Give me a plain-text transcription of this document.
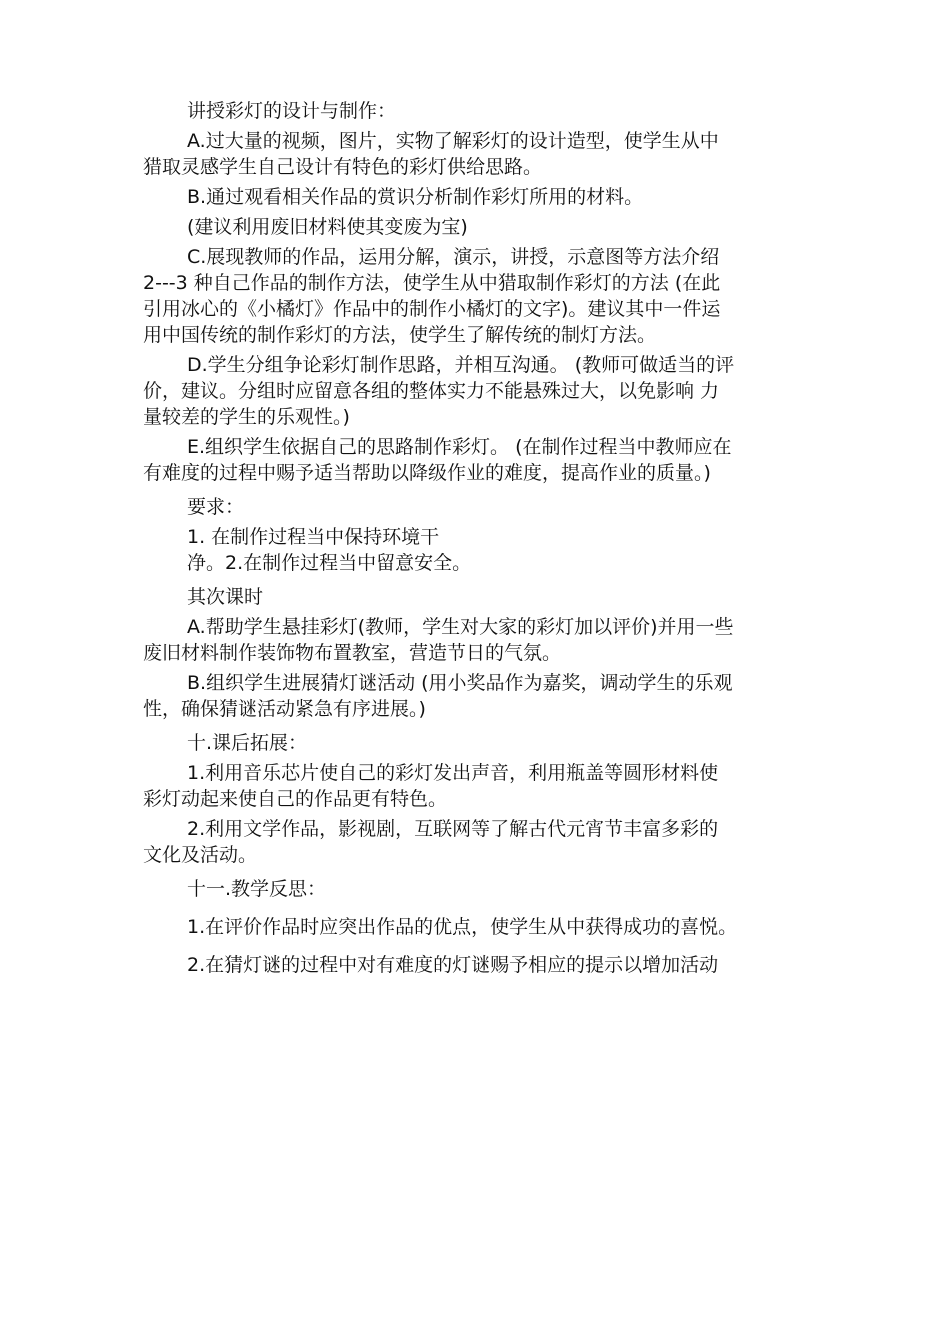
讲授彩灯的设计与制作：
A.过大量的视频，图片，实物了解彩灯的设计造型，使学生从中
猎取灵感学生自己设计有特色的彩灯供给思路。
B.通过观看相关作品的赏识分析制作彩灯所用的材料。
(建议利用废旧材料使其变废为宝)
C.展现教师的作品，运用分解，演示，讲授，示意图等方法介绍
2---3 种自己作品的制作方法，使学生从中猎取制作彩灯的方法 (在此
引用冰心的《小橘灯》作品中的制作小橘灯的文字)。建议其中一件运
用中国传统的制作彩灯的方法，使学生了解传统的制灯方法。
D.学生分组争论彩灯制作思路，并相互沟通。 (教师可做适当的评
价，建议。分组时应留意各组的整体实力不能悬殊过大，以免影响 力
量较差的学生的乐观性。)
E.组织学生依据自己的思路制作彩灯。 (在制作过程当中教师应在
有难度的过程中赐予适当帮助以降级作业的难度，提高作业的质量。)
要求：
1. 在制作过程当中保持环境干
净。2.在制作过程当中留意安全。
其次课时
A.帮助学生悬挂彩灯(教师，学生对大家的彩灯加以评价)并用一些
废旧材料制作装饰物布置教室，营造节日的气氛。
B.组织学生进展猜灯谜活动 (用小奖品作为嘉奖，调动学生的乐观
性，确保猜谜活动紧急有序进展。)
十.课后拓展：
1.利用音乐芯片使自己的彩灯发出声音，利用瓶盖等圆形材料使
彩灯动起来使自己的作品更有特色。
2.利用文学作品，影视剧，互联网等了解古代元宵节丰富多彩的
文化及活动。
十一.教学反思：
1.在评价作品时应突出作品的优点，使学生从中获得成功的喜悦。
2.在猜灯谜的过程中对有难度的灯谜赐予相应的提示以增加活动
